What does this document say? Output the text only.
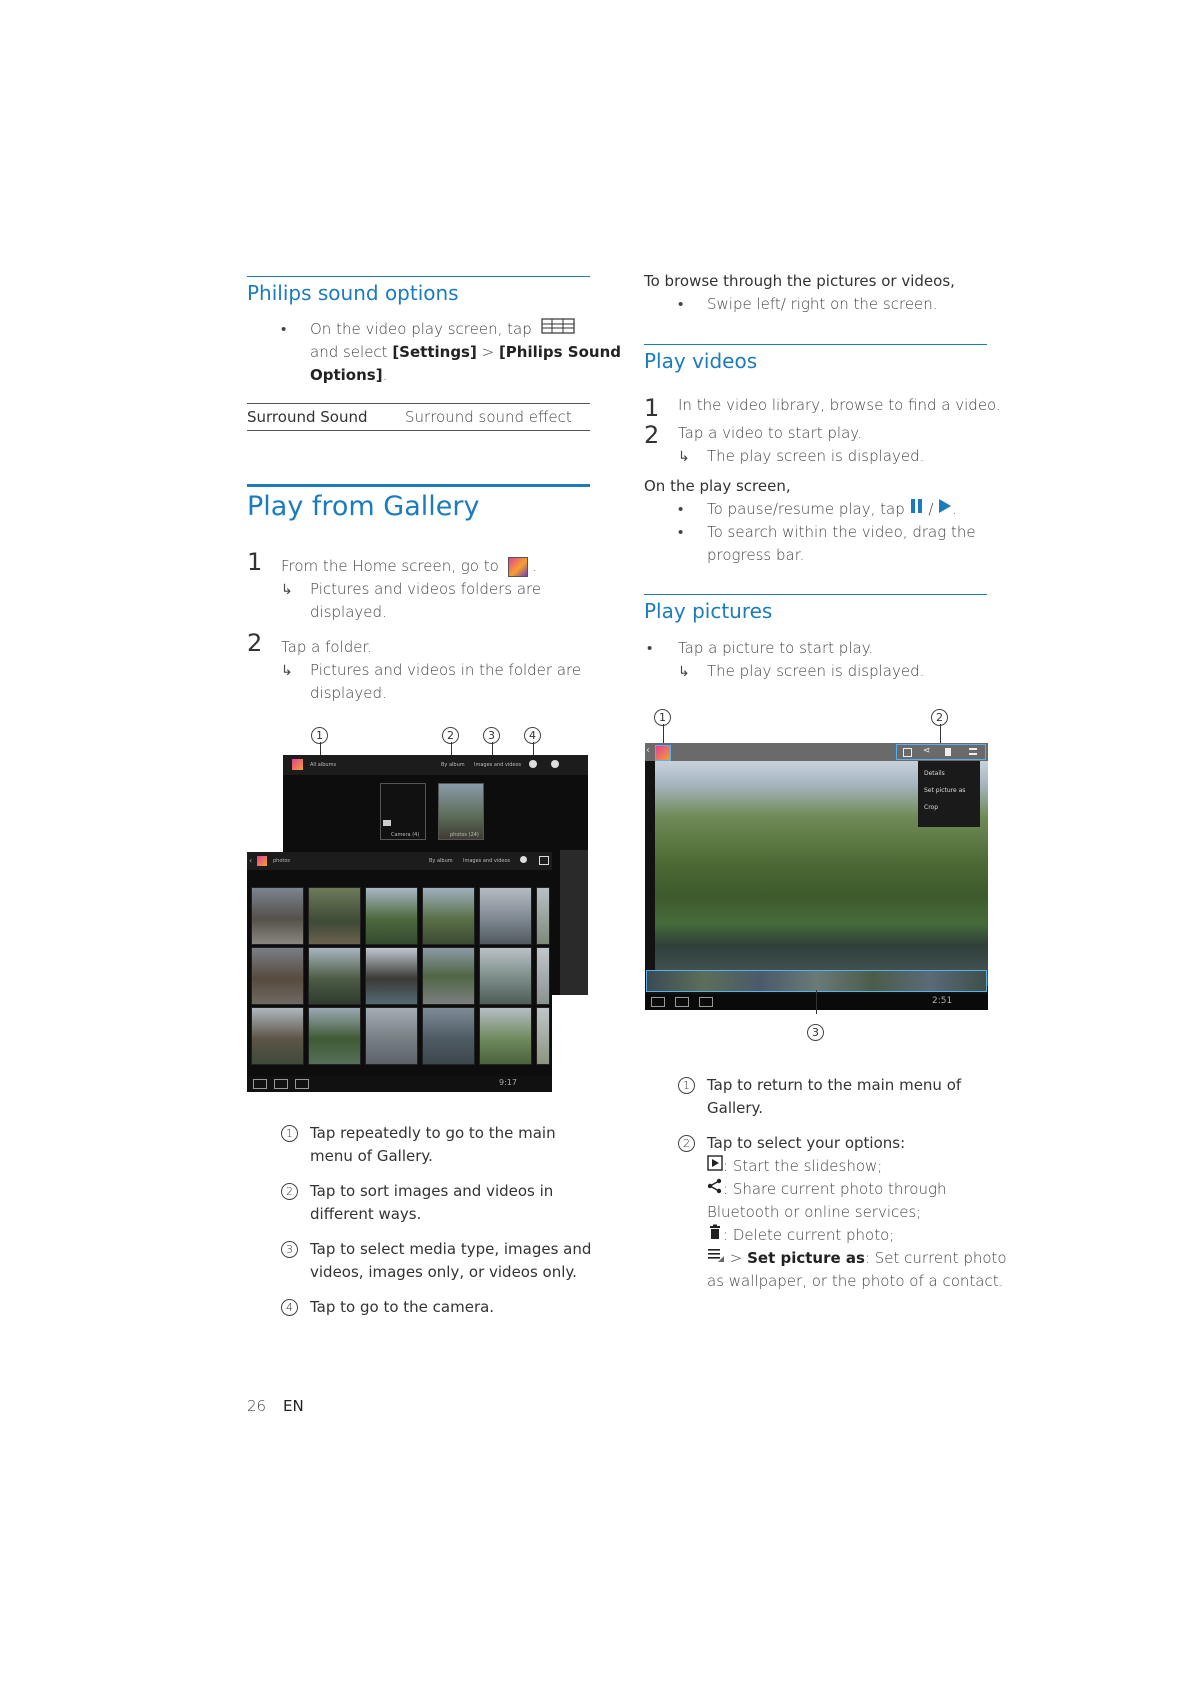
Philips sound options
• On the video play screen, tap
and select [Settings] > [Philips Sound
Options].
Surround Sound	Surround sound effect
Play from Gallery
1 From the Home screen, go to .
↳ Pictures and videos folders are
displayed.
2 Tap a folder.
↳ Pictures and videos in the folder are
displayed.
1	2	3	4
All albums	By album Images and videos
Camera (4)	photos (24)
‹	photos	By album Images and videos
9:17
1	Tap repeatedly to go to the main
menu of Gallery.
2	Tap to sort images and videos in
different ways.
3	Tap to select media type, images and
videos, images only, or videos only.
4	Tap to go to the camera.
To browse through the pictures or videos,
• Swipe left/ right on the screen.
Play videos
1 In the video library, browse to find a video.
2 Tap a video to start play.
↳ The play screen is displayed.
On the play screen,
• To pause/resume play, tap / .
• To search within the video, drag the
progress bar.
Play pictures
• Tap a picture to start play.
↳ The play screen is displayed.
1	2
‹	⋖
Details
Set picture as
Crop
2:51
3
1	Tap to return to the main menu of
Gallery.
2	Tap to select your options:
: Start the slideshow;
: Share current photo through
Bluetooth or online services;
: Delete current photo;
> Set picture as: Set current photo
as wallpaper, or the photo of a contact.
26 EN
